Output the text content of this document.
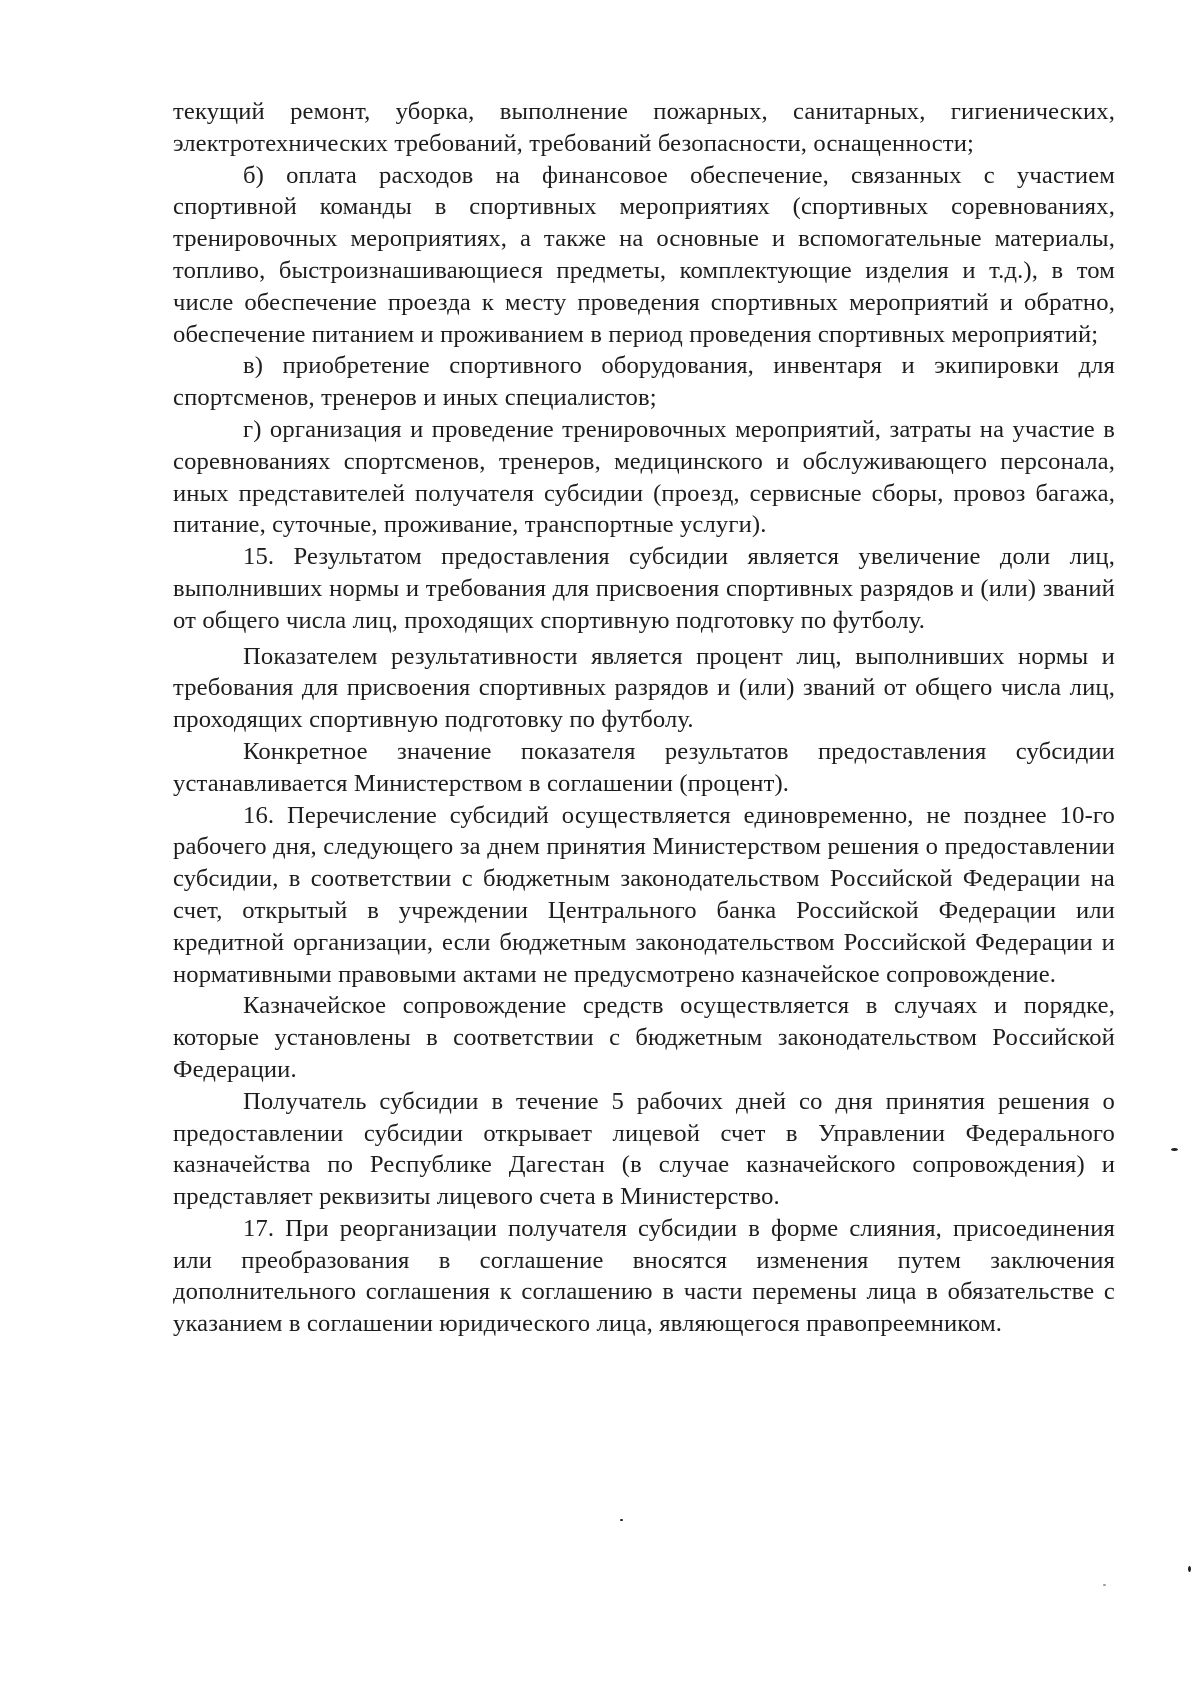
текущий ремонт, уборка, выполнение пожарных, санитарных, гигиенических, электротехнических требований, требований безопасности, оснащенности;

б) оплата расходов на финансовое обеспечение, связанных с участием спортивной команды в спортивных мероприятиях (спортивных соревнованиях, тренировочных мероприятиях, а также на основные и вспомогательные материалы, топливо, быстроизнашивающиеся предметы, комплектующие изделия и т.д.), в том числе обеспечение проезда к месту проведения спортивных мероприятий и обратно, обеспечение питанием и проживанием в период проведения спортивных мероприятий;

в) приобретение спортивного оборудования, инвентаря и экипировки для спортсменов, тренеров и иных специалистов;

г) организация и проведение тренировочных мероприятий, затраты на участие в соревнованиях спортсменов, тренеров, медицинского и обслуживающего персонала, иных представителей получателя субсидии (проезд, сервисные сборы, провоз багажа, питание, суточные, проживание, транспортные услуги).

15. Результатом предоставления субсидии является увеличение доли лиц, выполнивших нормы и требования для присвоения спортивных разрядов и (или) званий от общего числа лиц, проходящих спортивную подготовку по футболу.

Показателем результативности является процент лиц, выполнивших нормы и требования для присвоения спортивных разрядов и (или) званий от общего числа лиц, проходящих спортивную подготовку по футболу.

Конкретное значение показателя результатов предоставления субсидии устанавливается Министерством в соглашении (процент).

16. Перечисление субсидий осуществляется единовременно, не позднее 10-го рабочего дня, следующего за днем принятия Министерством решения о предоставлении субсидии, в соответствии с бюджетным законодательством Российской Федерации на счет, открытый в учреждении Центрального банка Российской Федерации или кредитной организации, если бюджетным законодательством Российской Федерации и нормативными правовыми актами не предусмотрено казначейское сопровождение.

Казначейское сопровождение средств осуществляется в случаях и порядке, которые установлены в соответствии с бюджетным законодательством Российской Федерации.

Получатель субсидии в течение 5 рабочих дней со дня принятия решения о предоставлении субсидии открывает лицевой счет в Управлении Федерального казначейства по Республике Дагестан (в случае казначейского сопровождения) и представляет реквизиты лицевого счета в Министерство.

17. При реорганизации получателя субсидии в форме слияния, присоединения или преобразования в соглашение вносятся изменения путем заключения дополнительного соглашения к соглашению в части перемены лица в обязательстве с указанием в соглашении юридического лица, являющегося правопреемником.
